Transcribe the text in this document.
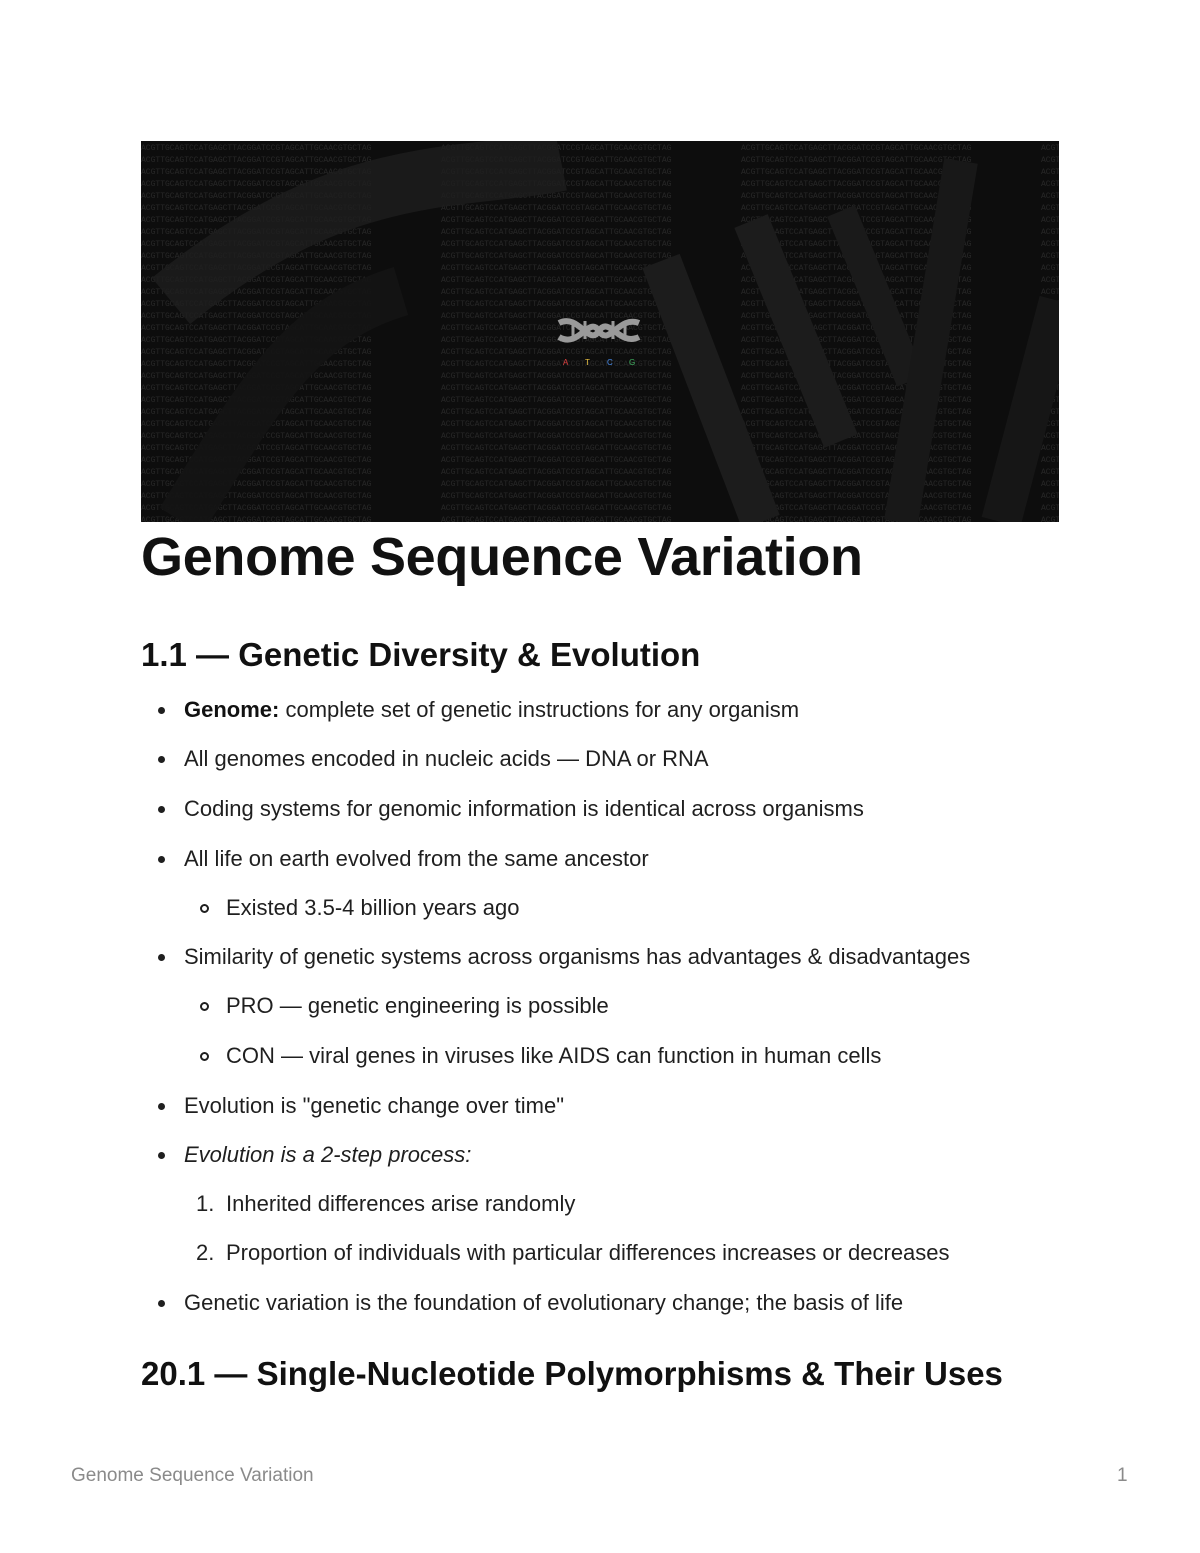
A T C G
Genome Sequence Variation
1.1 — Genetic Diversity & Evolution
Genome: complete set of genetic instructions for any organism
All genomes encoded in nucleic acids — DNA or RNA
Coding systems for genomic information is identical across organisms
All life on earth evolved from the same ancestor
Existed 3.5-4 billion years ago
Similarity of genetic systems across organisms has advantages & disadvantages
PRO — genetic engineering is possible
CON — viral genes in viruses like AIDS can function in human cells
Evolution is "genetic change over time"
Evolution is a 2-step process:
1. Inherited differences arise randomly
2. Proportion of individuals with particular differences increases or decreases
Genetic variation is the foundation of evolutionary change; the basis of life
20.1 — Single-Nucleotide Polymorphisms & Their Uses
Genome Sequence Variation	1
